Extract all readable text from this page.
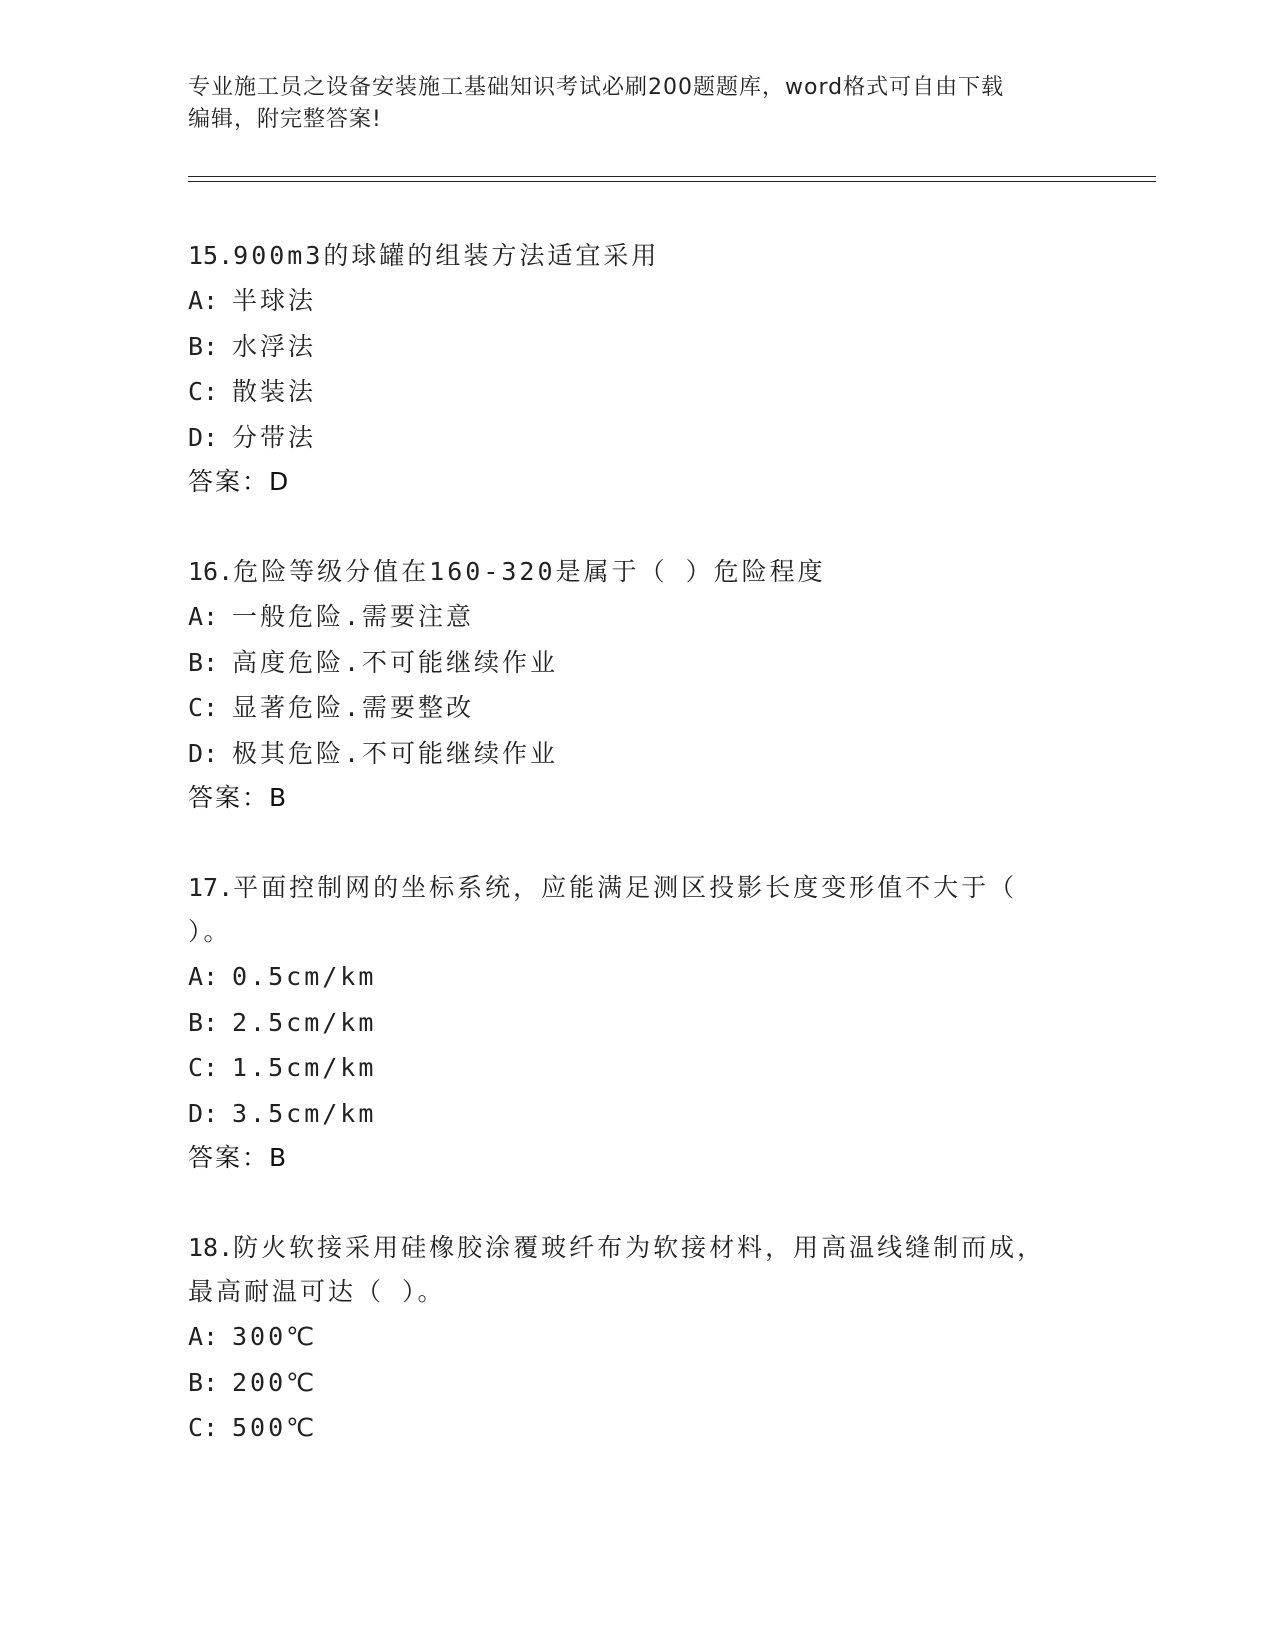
专业施工员之设备安装施工基础知识考试必刷200题题库，word格式可自由下载
编辑，附完整答案!
15.900m3的球罐的组装方法适宜采用
A: 半球法
B: 水浮法
C: 散装法
D: 分带法
答案：D
16.危险等级分值在160-320是属于（ ）危险程度
A: 一般危险.需要注意
B: 高度危险.不可能继续作业
C: 显著危险.需要整改
D: 极其危险.不可能继续作业
答案：B
17.平面控制网的坐标系统，应能满足测区投影长度变形值不大于（
）。
A: 0.5cm/km
B: 2.5cm/km
C: 1.5cm/km
D: 3.5cm/km
答案：B
18.防火软接采用硅橡胶涂覆玻纤布为软接材料，用高温线缝制而成，
最高耐温可达（ ）。
A: 300℃
B: 200℃
C: 500℃
